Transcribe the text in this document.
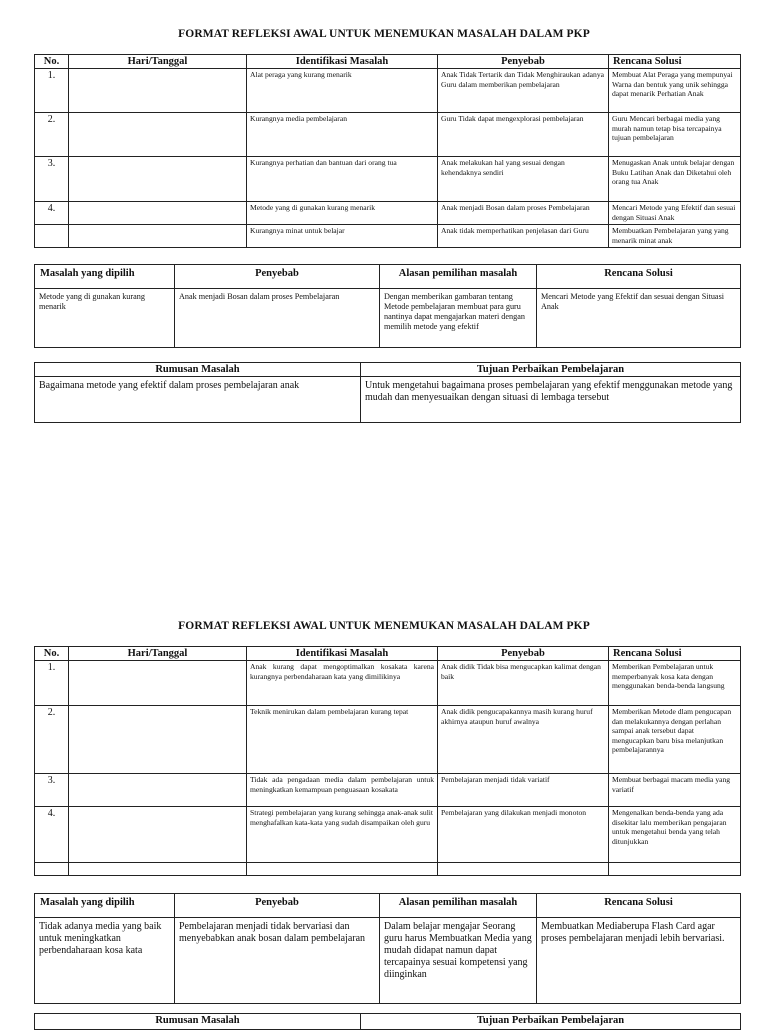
FORMAT REFLEKSI AWAL UNTUK MENEMUKAN MASALAH DALAM PKP
No.	Hari/Tanggal	Identifikasi Masalah	Penyebab	Rencana Solusi
1.		Alat peraga yang kurang menarik	Anak Tidak Tertarik dan Tidak Menghiraukan adanya Guru dalam memberikan pembelajaran	Membuat Alat Peraga yang mempunyai Warna dan bentuk yang unik sehingga dapat menarik Perhatian Anak
2.		Kurangnya media pembelajaran	Guru Tidak dapat mengexplorasi pembelajaran	Guru Mencari berbagai media yang murah namun tetap bisa tercapainya tujuan pembelajaran
3.		Kurangnya perhatian dan bantuan dari orang tua	Anak melakukan hal yang sesuai dengan kehendaknya sendiri	Menugaskan Anak untuk belajar dengan Buku Latihan Anak dan Diketahui oleh orang tua Anak
4.		Metode yang di gunakan kurang menarik	Anak menjadi Bosan dalam proses Pembelajaran	Mencari Metode yang Efektif dan sesuai dengan Situasi Anak
		Kurangnya minat untuk belajar	Anak tidak memperhatikan penjelasan dari Guru	Membuatkan Pembelajaran yang yang menarik minat anak
Masalah yang dipilih	Penyebab	Alasan pemilihan masalah	Rencana Solusi
Metode yang di gunakan kurang menarik	Anak menjadi Bosan dalam proses Pembelajaran	Dengan memberikan gambaran tentang Metode pembelajaran membuat para guru nantinya dapat mengajarkan materi dengan memilih metode yang efektif	Mencari Metode yang Efektif dan sesuai dengan Situasi Anak
Rumusan Masalah	Tujuan Perbaikan Pembelajaran
Bagaimana metode yang efektif dalam proses pembelajaran anak	Untuk mengetahui bagaimana proses pembelajaran yang efektif menggunakan metode yang mudah dan menyesuaikan dengan situasi di lembaga tersebut
FORMAT REFLEKSI AWAL UNTUK MENEMUKAN MASALAH DALAM PKP
No.	Hari/Tanggal	Identifikasi Masalah	Penyebab	Rencana Solusi
1.		Anak kurang dapat mengoptimalkan kosakata karena kurangnya perbendaharaan kata yang dimilikinya	Anak didik Tidak bisa mengucapkan kalimat dengan baik	Memberikan Pembelajaran untuk memperbanyak kosa kata dengan menggunakan benda-benda langsung
2.		Teknik menirukan dalam pembelajaran kurang tepat	Anak didik pengucapakannya masih kurang huruf akhirnya ataupun huruf awalnya	Memberikan Metode dlam pengucapan dan melakukannya dengan perlahan sampai anak tersebut dapat mengucapkan baru bisa melanjutkan pembelajarannya
3.		Tidak ada pengadaan media dalam pembelajaran untuk meningkatkan kemampuan penguasaan kosakata	Pembelajaran menjadi tidak variatif	Membuat berbagai macam media yang variatif
4.		Strategi pembelajaran yang kurang sehingga anak-anak sulit menghafalkan kata-kata yang sudah disampaikan oleh guru	Pembelajaran yang dilakukan menjadi monoton	Mengenalkan benda-benda yang ada disekitar lalu memberikan pengajaran untuk mengetahui benda yang telah ditunjukkan

Masalah yang dipilih	Penyebab	Alasan pemilihan masalah	Rencana Solusi
Tidak adanya media yang baik untuk meningkatkan perbendaharaan kosa kata	Pembelajaran menjadi tidak bervariasi dan menyebabkan anak bosan dalam pembelajaran	Dalam belajar mengajar Seorang guru harus Membuatkan Media yang mudah didapat namun dapat tercapainya sesuai kompetensi yang diinginkan	Membuatkan Mediaberupa Flash Card agar proses pembelajaran menjadi lebih bervariasi.
Rumusan Masalah	Tujuan Perbaikan Pembelajaran
